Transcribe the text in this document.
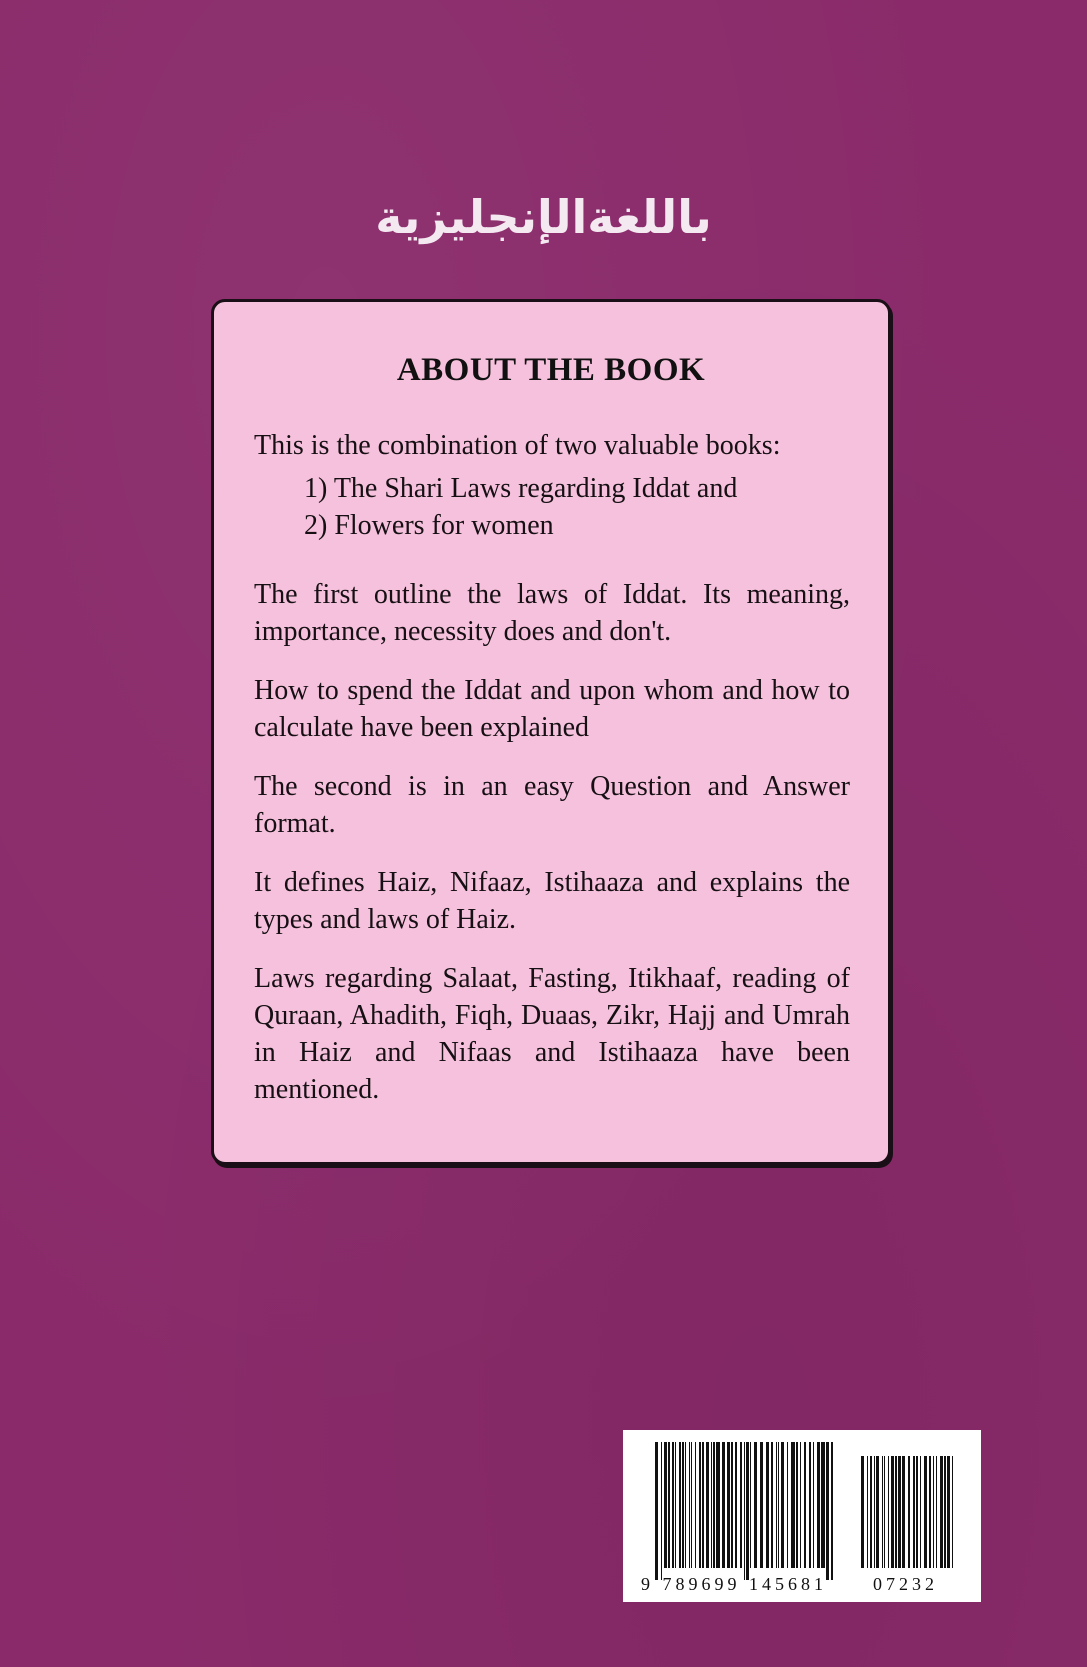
باللغةالإنجليزية
ABOUT THE BOOK

This is the combination of two valuable books:

1) The Shari Laws regarding Iddat and
2) Flowers for women

The first outline the laws of Iddat. Its meaning, importance, necessity does and don't.

How to spend the Iddat and upon whom and how to calculate have been explained

The second is in an easy Question and Answer format.

It defines Haiz, Nifaaz, Istihaaza and explains the types and laws of Haiz.

Laws regarding Salaat, Fasting, Itikhaaf, reading of Quraan, Ahadith, Fiqh, Duaas, Zikr, Hajj and Umrah in Haiz and Nifaas and Istihaaza have been mentioned.

9 789699 145681	07232
